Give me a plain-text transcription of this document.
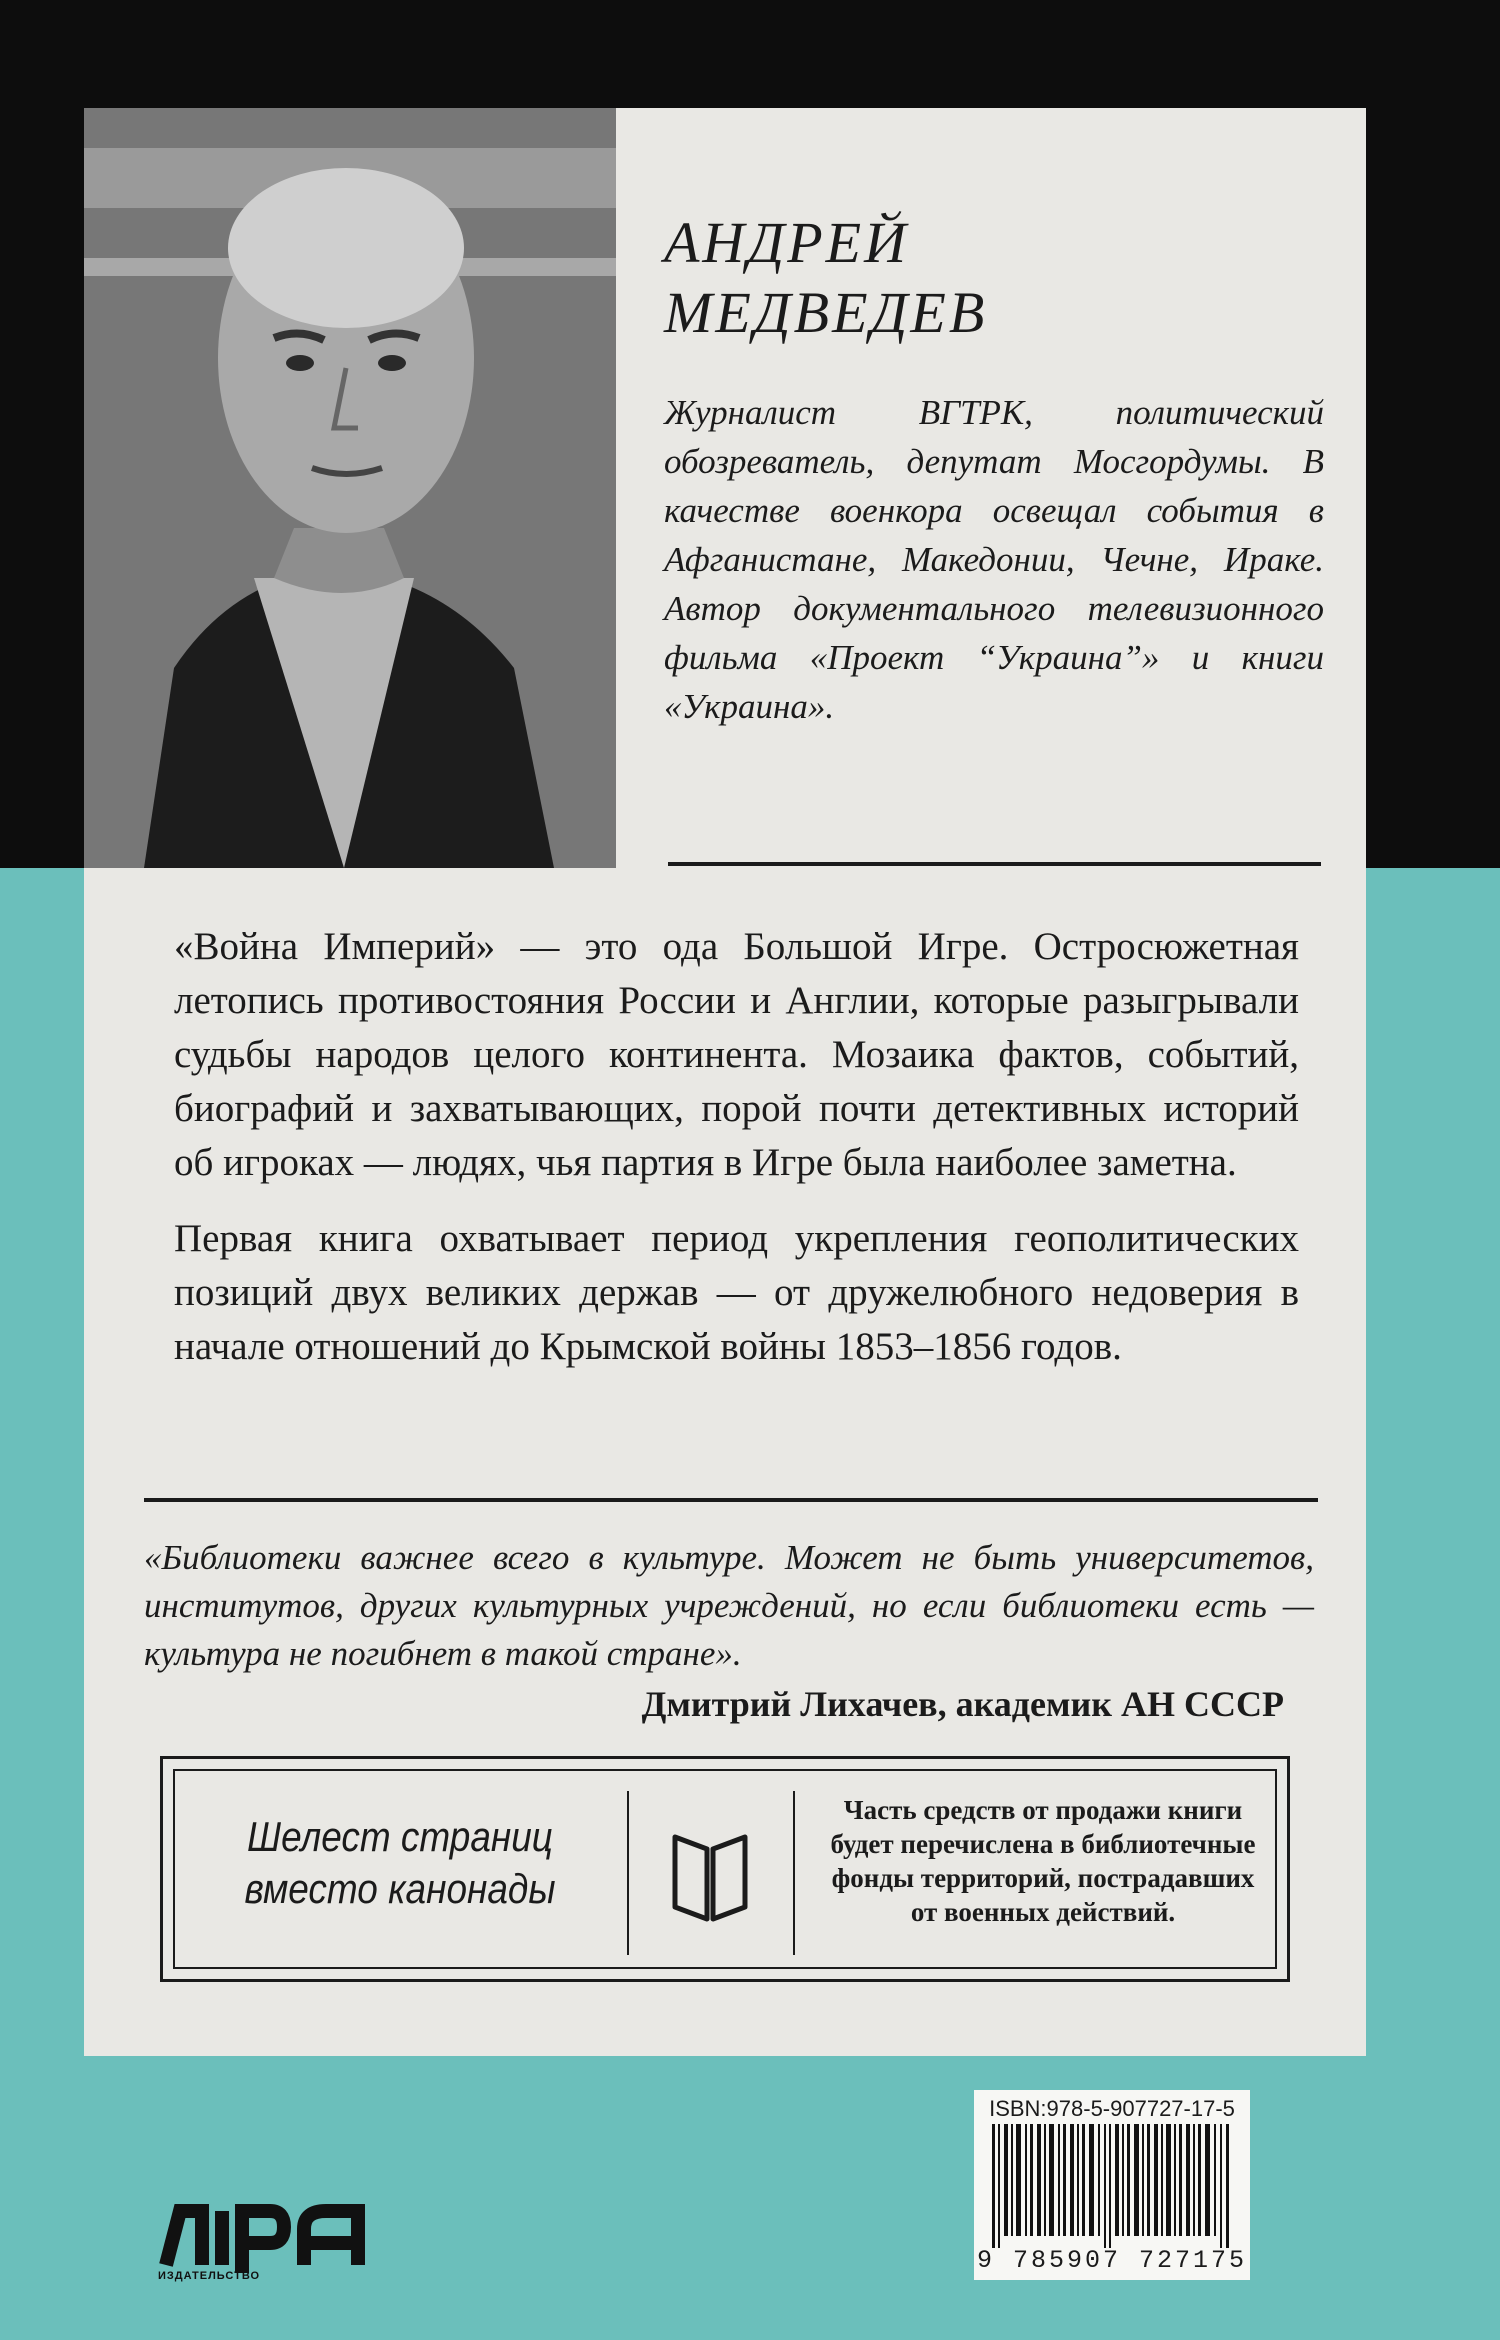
АНДРЕЙ
МЕДВЕДЕВ
Журналист ВГТРК, политический обозреватель, депутат Мосгордумы. В качестве военкора освещал события в Афганистане, Македонии, Чечне, Ираке. Автор документального телевизионного фильма «Проект “Украина”» и книги «Украина».

«Война Империй» — это ода Большой Игре. Остросюжетная летопись противостояния России и Англии, которые разыгрывали судьбы народов целого континента. Мозаика фактов, событий, биографий и захватывающих, порой почти детективных историй об игроках — людях, чья партия в Игре была наиболее заметна.

Первая книга охватывает период укрепления геополитических позиций двух великих держав — от дружелюбного недоверия в начале отношений до Крымской войны 1853–1856 годов.

«Библиотеки важнее всего в культуре. Может не быть университетов, институтов, других культурных учреждений, но если библиотеки есть — культура не погибнет в такой стране».
Дмитрий Лихачев, академик АН СССР
Шелест страниц вместо канонады
Часть средств от продажи книги будет перечислена в библиотечные фонды территорий, пострадавших от военных действий.
ISBN:978-5-907727-17-5
9 785907 727175
ИЗДАТЕЛЬСТВО
